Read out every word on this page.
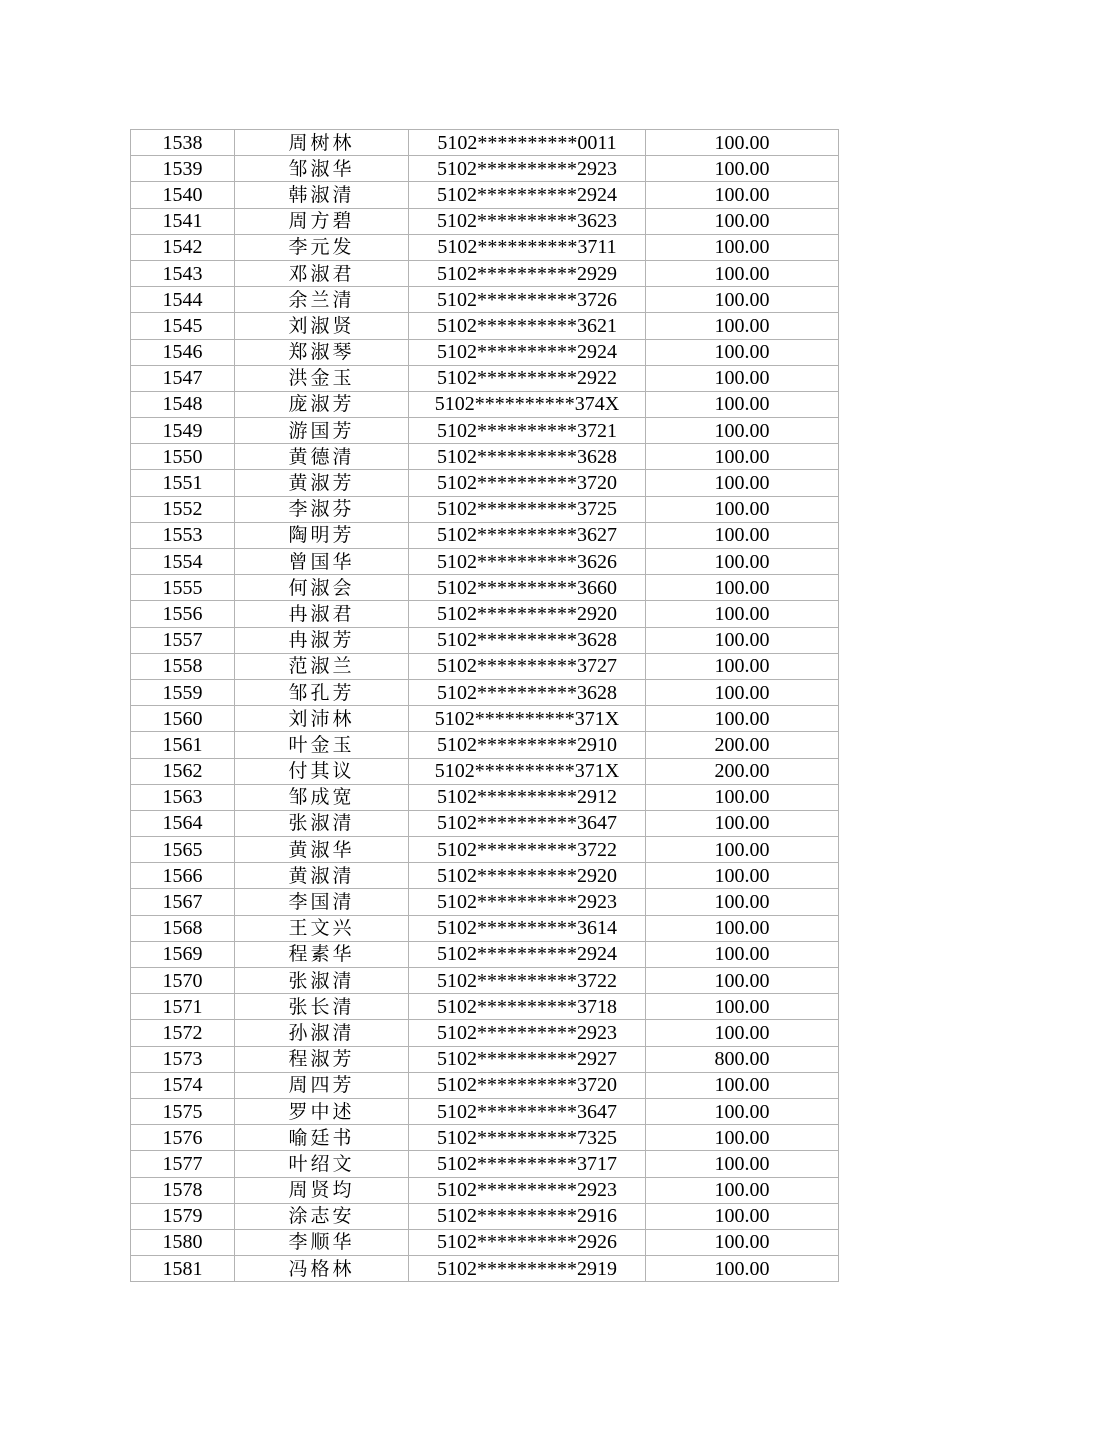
1538	周树林	5102**********0011	100.00
1539	邹淑华	5102**********2923	100.00
1540	韩淑清	5102**********2924	100.00
1541	周方碧	5102**********3623	100.00
1542	李元发	5102**********3711	100.00
1543	邓淑君	5102**********2929	100.00
1544	余兰清	5102**********3726	100.00
1545	刘淑贤	5102**********3621	100.00
1546	郑淑琴	5102**********2924	100.00
1547	洪金玉	5102**********2922	100.00
1548	庞淑芳	5102**********374X	100.00
1549	游国芳	5102**********3721	100.00
1550	黄德清	5102**********3628	100.00
1551	黄淑芳	5102**********3720	100.00
1552	李淑芬	5102**********3725	100.00
1553	陶明芳	5102**********3627	100.00
1554	曾国华	5102**********3626	100.00
1555	何淑会	5102**********3660	100.00
1556	冉淑君	5102**********2920	100.00
1557	冉淑芳	5102**********3628	100.00
1558	范淑兰	5102**********3727	100.00
1559	邹孔芳	5102**********3628	100.00
1560	刘沛林	5102**********371X	100.00
1561	叶金玉	5102**********2910	200.00
1562	付其议	5102**********371X	200.00
1563	邹成宽	5102**********2912	100.00
1564	张淑清	5102**********3647	100.00
1565	黄淑华	5102**********3722	100.00
1566	黄淑清	5102**********2920	100.00
1567	李国清	5102**********2923	100.00
1568	王文兴	5102**********3614	100.00
1569	程素华	5102**********2924	100.00
1570	张淑清	5102**********3722	100.00
1571	张长清	5102**********3718	100.00
1572	孙淑清	5102**********2923	100.00
1573	程淑芳	5102**********2927	800.00
1574	周四芳	5102**********3720	100.00
1575	罗中述	5102**********3647	100.00
1576	喻廷书	5102**********7325	100.00
1577	叶绍文	5102**********3717	100.00
1578	周贤均	5102**********2923	100.00
1579	涂志安	5102**********2916	100.00
1580	李顺华	5102**********2926	100.00
1581	冯格林	5102**********2919	100.00
